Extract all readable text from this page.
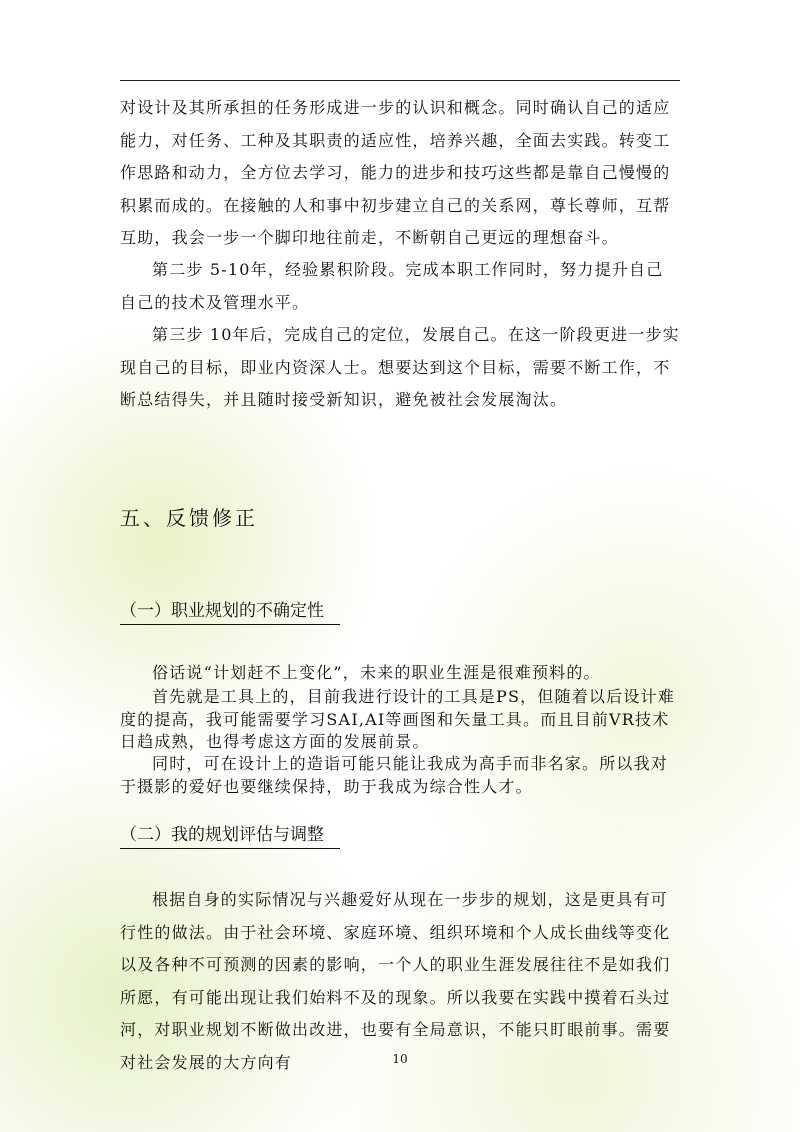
对设计及其所承担的任务形成进一步的认识和概念。同时确认自己的适应能力，对任务、工种及其职责的适应性，培养兴趣，全面去实践。转变工作思路和动力，全方位去学习，能力的进步和技巧这些都是靠自己慢慢的积累而成的。在接触的人和事中初步建立自己的关系网，尊长尊师，互帮互助，我会一步一个脚印地往前走，不断朝自己更远的理想奋斗。

第二步 5-10年，经验累积阶段。完成本职工作同时，努力提升自己自己的技术及管理水平。

第三步 10年后，完成自己的定位，发展自己。在这一阶段更进一步实现自己的目标，即业内资深人士。想要达到这个目标，需要不断工作，不断总结得失，并且随时接受新知识，避免被社会发展淘汰。

五、反馈修正
（一）职业规划的不确定性

俗话说“计划赶不上变化”，未来的职业生涯是很难预料的。

首先就是工具上的，目前我进行设计的工具是PS，但随着以后设计难度的提高，我可能需要学习SAI,AI等画图和矢量工具。而且目前VR技术日趋成熟，也得考虑这方面的发展前景。

同时，可在设计上的造诣可能只能让我成为高手而非名家。所以我对于摄影的爱好也要继续保持，助于我成为综合性人才。

（二）我的规划评估与调整

根据自身的实际情况与兴趣爱好从现在一步步的规划，这是更具有可行性的做法。由于社会环境、家庭环境、组织环境和个人成长曲线等变化以及各种不可预测的因素的影响，一个人的职业生涯发展往往不是如我们所愿，有可能出现让我们始料不及的现象。所以我要在实践中摸着石头过河，对职业规划不断做出改进，也要有全局意识，不能只盯眼前事。需要对社会发展的大方向有	10
